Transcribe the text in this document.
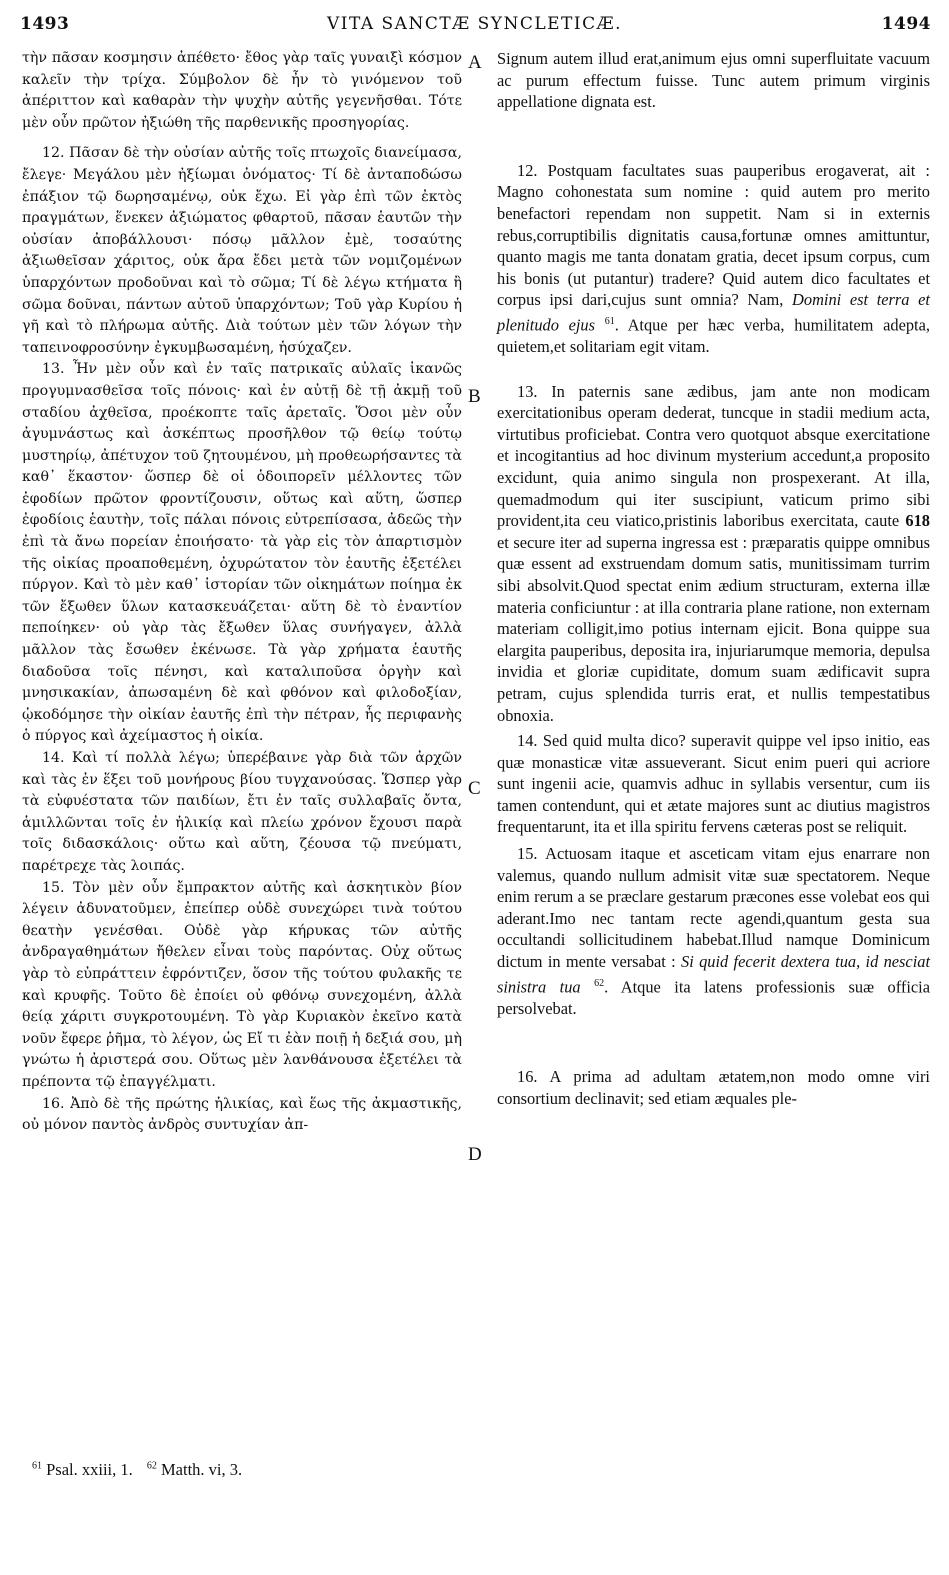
1493	VITA SANCTÆ SYNCLETICÆ.	1494

τὴν πᾶσαν κοσμησιν ἀπέθετο· ἔθος γὰρ ταῖς γυναιξὶ κόσμον καλεῖν τὴν τρίχα. Σύμβολον δὲ ἦν τὸ γινόμενον τοῦ ἀπέριττον καὶ καθαρὰν τὴν ψυχὴν αὐτῆς γεγενῆσθαι. Τότε μὲν οὖν πρῶτον ἠξιώθη τῆς παρθενικῆς προσηγορίας.

12. Πᾶσαν δὲ τὴν οὐσίαν αὐτῆς τοῖς πτωχοῖς διανείμασα, ἔλεγε· Μεγάλου μὲν ἠξίωμαι ὀνόματος· Τί δὲ ἀνταποδώσω ἐπάξιον τῷ δωρησαμένῳ, οὐκ ἔχω. Εἰ γὰρ ἐπὶ τῶν ἐκτὸς πραγμάτων, ἕνεκεν ἀξιώματος φθαρτοῦ, πᾶσαν ἑαυτῶν τὴν οὐσίαν ἀποβάλλουσι· πόσῳ μᾶλλον ἐμὲ, τοσαύτης ἀξιωθεῖσαν χάριτος, οὐκ ἄρα ἔδει μετὰ τῶν νομιζομένων ὑπαρχόντων προδοῦναι καὶ τὸ σῶμα; Τί δὲ λέγω κτήματα ἢ σῶμα δοῦναι, πάντων αὐτοῦ ὑπαρχόντων; Τοῦ γὰρ Κυρίου ἡ γῆ καὶ τὸ πλήρωμα αὐτῆς. Διὰ τούτων μὲν τῶν λόγων τὴν ταπεινοφροσύνην ἐγκυμβωσαμένη, ἡσύχαζεν.

13. Ἦν μὲν οὖν καὶ ἐν ταῖς πατρικαῖς αὐλαῖς ἱκανῶς προγυμνασθεῖσα τοῖς πόνοις· καὶ ἐν αὐτῇ δὲ τῇ ἀκμῇ τοῦ σταδίου ἀχθεῖσα, προέκοπτε ταῖς ἀρεταῖς. Ὅσοι μὲν οὖν ἀγυμνάστως καὶ ἀσκέπτως προσῆλθον τῷ θείῳ τούτῳ μυστηρίῳ, ἀπέτυχον τοῦ ζητουμένου, μὴ προθεωρήσαντες τὰ καθ᾿ ἕκαστον· ὥσπερ δὲ οἱ ὁδοιπορεῖν μέλλοντες τῶν ἐφοδίων πρῶτον φροντίζουσιν, οὕτως καὶ αὕτη, ὥσπερ ἐφοδίοις ἑαυτὴν, τοῖς πάλαι πόνοις εὐτρεπίσασα, ἀδεῶς τὴν ἐπὶ τὰ ἄνω πορείαν ἐποιήσατο· τὰ γὰρ εἰς τὸν ἀπαρτισμὸν τῆς οἰκίας προαποθεμένη, ὀχυρώτατον τὸν ἑαυτῆς ἐξετέλει πύργον. Καὶ τὸ μὲν καθ᾿ ἱστορίαν τῶν οἰκημάτων ποίημα ἐκ τῶν ἔξωθεν ὕλων κατασκευάζεται· αὕτη δὲ τὸ ἐναντίον πεποίηκεν· οὐ γὰρ τὰς ἔξωθεν ὕλας συνήγαγεν, ἀλλὰ μᾶλλον τὰς ἔσωθεν ἐκένωσε. Τὰ γὰρ χρήματα ἑαυτῆς διαδοῦσα τοῖς πένησι, καὶ καταλιποῦσα ὀργὴν καὶ μνησικακίαν, ἀπωσαμένη δὲ καὶ φθόνον καὶ φιλοδοξίαν, ᾠκοδόμησε τὴν οἰκίαν ἑαυτῆς ἐπὶ τὴν πέτραν, ἧς περιφανὴς ὁ πύργος καὶ ἀχείμαστος ἡ οἰκία.

14. Καὶ τί πολλὰ λέγω; ὑπερέβαινε γὰρ διὰ τῶν ἀρχῶν καὶ τὰς ἐν ἕξει τοῦ μονήρους βίου τυγχανούσας. Ὥσπερ γὰρ τὰ εὐφυέστατα τῶν παιδίων, ἔτι ἐν ταῖς συλλαβαῖς ὄντα, ἁμιλλῶνται τοῖς ἐν ἡλικίᾳ καὶ πλείω χρόνον ἔχουσι παρὰ τοῖς διδασκάλοις· οὕτω καὶ αὕτη, ζέουσα τῷ πνεύματι, παρέτρεχε τὰς λοιπάς.

15. Τὸν μὲν οὖν ἔμπρακτον αὐτῆς καὶ ἀσκητικὸν βίον λέγειν ἀδυνατοῦμεν, ἐπείπερ οὐδὲ συνεχώρει τινὰ τούτου θεατὴν γενέσθαι. Οὐδὲ γὰρ κήρυκας τῶν αὐτῆς ἀνδραγαθημάτων ἤθελεν εἶναι τοὺς παρόντας. Οὐχ οὕτως γὰρ τὸ εὐπράττειν ἐφρόντιζεν, ὅσον τῆς τούτου φυλακῆς τε καὶ κρυφῆς. Τοῦτο δὲ ἐποίει οὐ φθόνῳ συνεχομένη, ἀλλὰ θείᾳ χάριτι συγκροτουμένη. Τὸ γὰρ Κυριακὸν ἐκεῖνο κατὰ νοῦν ἔφερε ῥῆμα, τὸ λέγον, ὡς Εἴ τι ἐὰν ποιῇ ἡ δεξιά σου, μὴ γνώτω ἡ ἀριστερά σου. Οὕτως μὲν λανθάνουσα ἐξετέλει τὰ πρέποντα τῷ ἐπαγγέλματι.

16. Ἀπὸ δὲ τῆς πρώτης ἡλικίας, καὶ ἕως τῆς ἀκμαστικῆς, οὐ μόνον παντὸς ἀνδρὸς συντυχίαν ἀπ-

A
B
C
D

Signum autem illud erat,animum ejus omni superfluitate vacuum ac purum effectum fuisse. Tunc autem primum virginis appellatione dignata est.

12. Postquam facultates suas pauperibus erogaverat, ait : Magno cohonestata sum nomine : quid autem pro merito benefactori rependam non suppetit. Nam si in externis rebus,corruptibilis dignitatis causa,fortunæ omnes amittuntur, quanto magis me tanta donatam gratia, decet ipsum corpus, cum his bonis (ut putantur) tradere? Quid autem dico facultates et corpus ipsi dari,cujus sunt omnia? Nam, Domini est terra et plenitudo ejus $^{61}$. Atque per hæc verba, humilitatem adepta, quietem,et solitariam egit vitam.

13. In paternis sane ædibus, jam ante non modicam exercitationibus operam dederat, tuncque in stadii medium acta, virtutibus proficiebat. Contra vero quotquot absque exercitatione et incogitantius ad hoc divinum mysterium accedunt,a proposito excidunt, quia animo singula non prospexerant. At illa, quemadmodum qui iter suscipiunt, vaticum primo sibi provident,ita ceu viatico,pristinis laboribus exercitata, caute 618 et secure iter ad superna ingressa est : præparatis quippe omnibus quæ essent ad exstruendam domum satis, munitissimam turrim sibi absolvit.Quod spectat enim ædium structuram, externa illæ materia conficiuntur : at illa contraria plane ratione, non externam materiam colligit,imo potius internam ejicit. Bona quippe sua elargita pauperibus, deposita ira, injuriarumque memoria, depulsa invidia et gloriæ cupiditate, domum suam ædificavit supra petram, cujus splendida turris erat, et nullis tempestatibus obnoxia.

14. Sed quid multa dico? superavit quippe vel ipso initio, eas quæ monasticæ vitæ assueverant. Sicut enim pueri qui acriore sunt ingenii acie, quamvis adhuc in syllabis versentur, cum iis tamen contendunt, qui et ætate majores sunt ac diutius magistros frequentarunt, ita et illa spiritu fervens cæteras post se reliquit.

15. Actuosam itaque et asceticam vitam ejus enarrare non valemus, quando nullum admisit vitæ suæ spectatorem. Neque enim rerum a se præclare gestarum præcones esse volebat eos qui aderant.Imo nec tantam recte agendi,quantum gesta sua occultandi sollicitudinem habebat.Illud namque Dominicum dictum in mente versabat : Si quid fecerit dextera tua, id nesciat sinistra tua $^{62}$. Atque ita latens professionis suæ officia persolvebat.

16. A prima ad adultam ætatem,non modo omne viri consortium declinavit; sed etiam æquales ple-

$^{61}$ Psal. xxiii, 1. $^{62}$ Matth. vi, 3.
